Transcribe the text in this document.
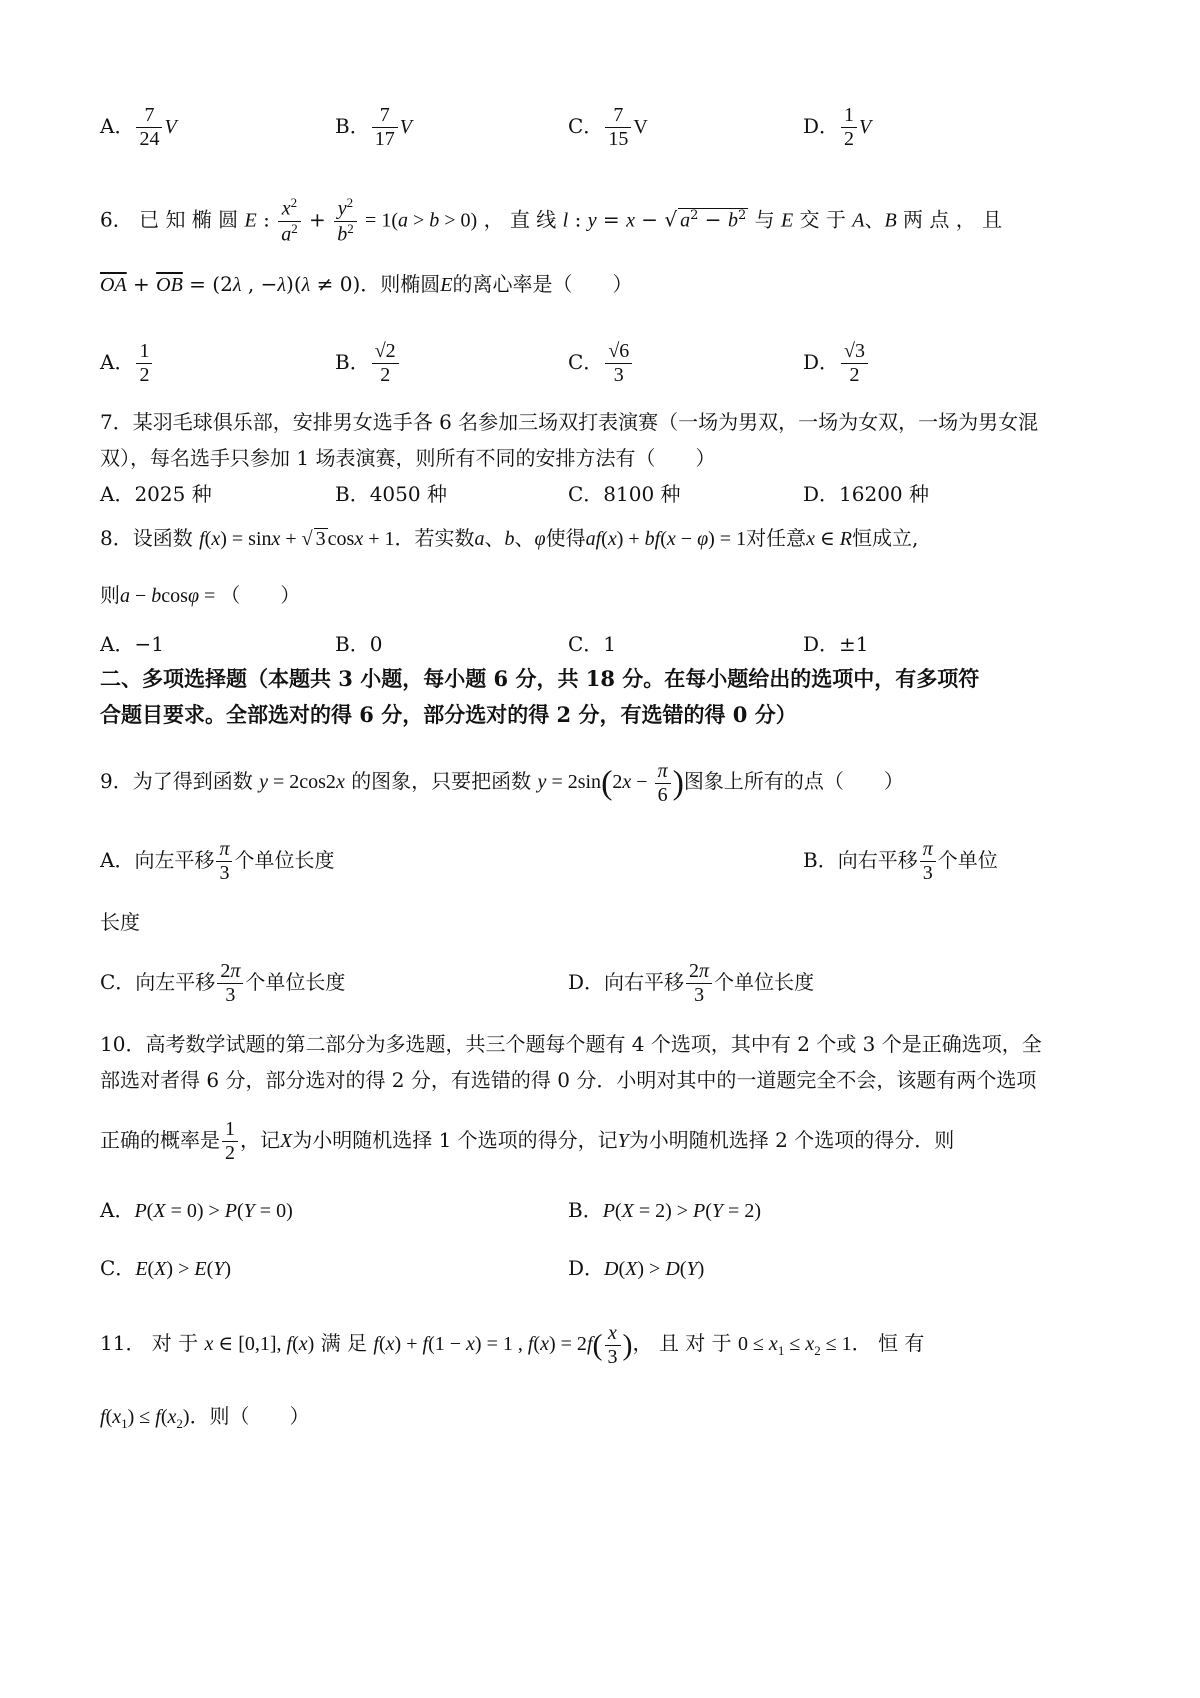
A． $\frac{7}{24}$ V	B． $\frac{7}{17}$ V	C． $\frac{7}{15}$ V	D． $\frac{1}{2}$ V
6． 已 知 椭 圆 E : $\frac{x^2}{a^2} + \frac{y^2}{b^2} = 1(a > b > 0)$ ， 直 线 l : y = x − √ $a^2 - b^2$ 与 E 交 于 A、B 两 点 ， 且
$\overline{OA} + \overline{OB} = (2\lambda$ , −λ)(λ ≠ 0)．则椭圆E的离心率是（　　）
A． $\frac{1}{2}$	B． $\frac{√2}{2}$	C． $\frac{√6}{3}$	D． $\frac{√3}{2}$
7．某羽毛球俱乐部，安排男女选手各 6 名参加三场双打表演赛（一场为男双，一场为女双，一场为男女混
双），每名选手只参加 1 场表演赛，则所有不同的安排方法有（　　）
A．2025 种	B．4050 种	C．8100 种	D．16200 种
8．设函数 f(x) = sinx + √ 3 cosx + 1．若实数a、b、φ使得af(x) + bf(x − φ) = 1对任意x ∈ R恒成立,
则a − bcosφ = （　　）
A．−1	B．0	C．1	D．±1
二、多项选择题（本题共 3 小题，每小题 6 分，共 18 分。在每小题给出的选项中，有多项符
合题目要求。全部选对的得 6 分，部分选对的得 2 分，有选错的得 0 分）
9．为了得到函数 y = 2cos2x 的图象，只要把函数 $y = 2\sin(2x - \frac{\pi}{6}$ )图象上所有的点（　　）
A．向左平移 $\frac{\pi}{3}$ 个单位长度	B．向右平移 $\frac{\pi}{3}$ 个单位
长度
C．向左平移 $\frac{2\pi}{3}$ 个单位长度	D．向右平移 $\frac{2\pi}{3}$ 个单位长度
10．高考数学试题的第二部分为多选题，共三个题每个题有 4 个选项，其中有 2 个或 3 个是正确选项，全
部选对者得 6 分，部分选对的得 2 分，有选错的得 0 分．小明对其中的一道题完全不会，该题有两个选项
正确的概率是 $\frac{1}{2}$ ，记X为小明随机选择 1 个选项的得分，记Y为小明随机选择 2 个选项的得分．则
A．P(X = 0) > P(Y = 0)	B．P(X = 2) > P(Y = 2)
C．E(X) > E(Y)	D．D(X) > D(Y)
11． 对 于 x ∈ [0,1], f(x) 满 足 f(x) + f(1 − x) = 1 , $f(x) = 2f( \frac{x}{3}$ )， 且 对 于 $0 \le x_1 \le x_2 \le 1$． 恒 有
$f(x_1) \le f(x_2)$．则（　　）
